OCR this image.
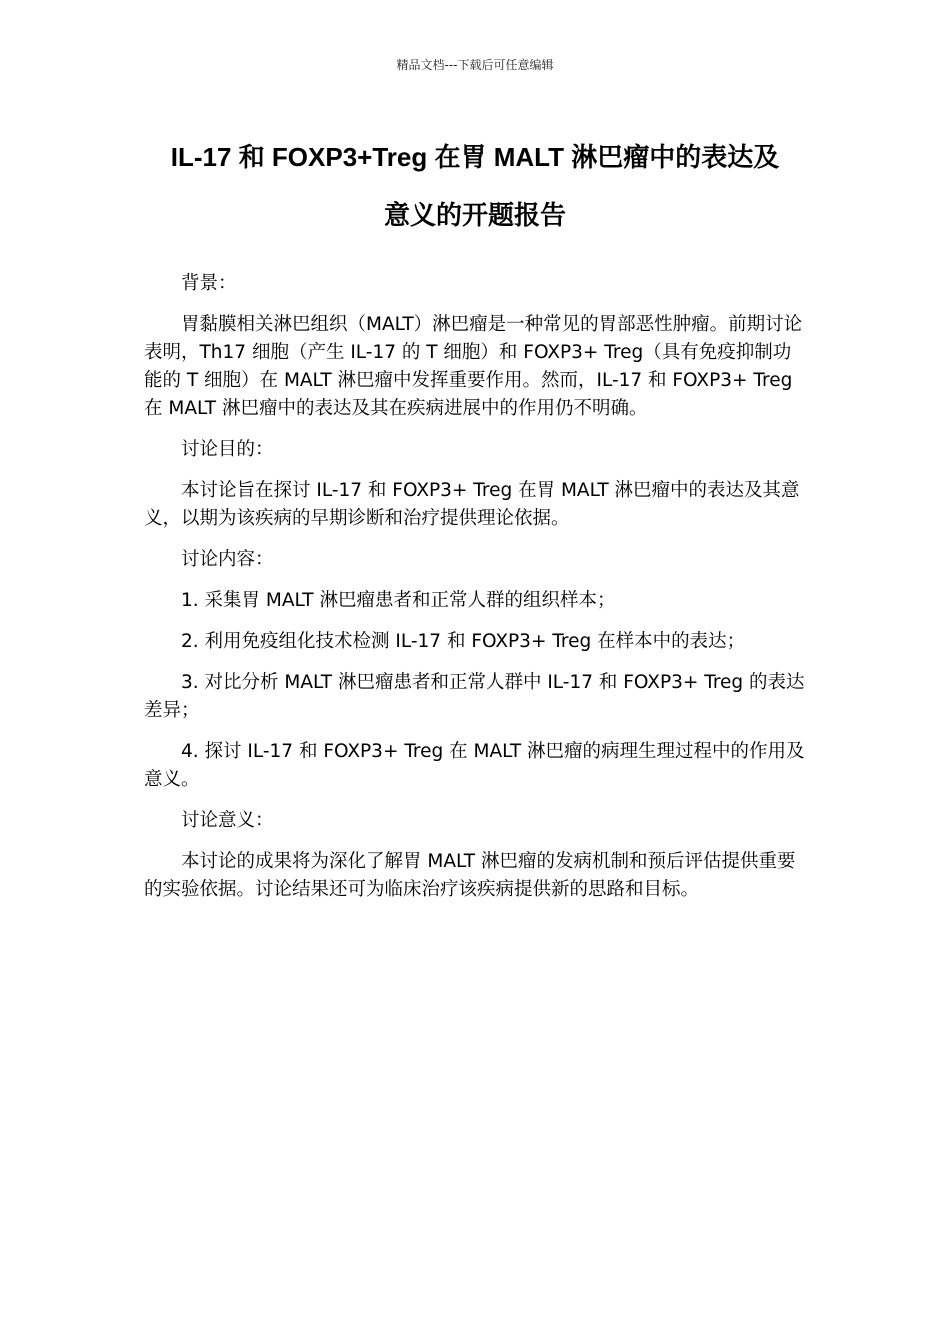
精品文档---下载后可任意编辑
IL-17 和 FOXP3+Treg 在胃 MALT 淋巴瘤中的表达及
意义的开题报告

背景：

胃黏膜相关淋巴组织（MALT）淋巴瘤是一种常见的胃部恶性肿瘤。前期讨论表明，Th17 细胞（产生 IL-17 的 T 细胞）和 FOXP3+ Treg（具有免疫抑制功能的 T 细胞）在 MALT 淋巴瘤中发挥重要作用。然而，IL-17 和 FOXP3+ Treg 在 MALT 淋巴瘤中的表达及其在疾病进展中的作用仍不明确。

讨论目的：

本讨论旨在探讨 IL-17 和 FOXP3+ Treg 在胃 MALT 淋巴瘤中的表达及其意义，以期为该疾病的早期诊断和治疗提供理论依据。

讨论内容：

1. 采集胃 MALT 淋巴瘤患者和正常人群的组织样本；

2. 利用免疫组化技术检测 IL-17 和 FOXP3+ Treg 在样本中的表达；

3. 对比分析 MALT 淋巴瘤患者和正常人群中 IL-17 和 FOXP3+ Treg 的表达差异；

4. 探讨 IL-17 和 FOXP3+ Treg 在 MALT 淋巴瘤的病理生理过程中的作用及意义。

讨论意义：

本讨论的成果将为深化了解胃 MALT 淋巴瘤的发病机制和预后评估提供重要的实验依据。讨论结果还可为临床治疗该疾病提供新的思路和目标。
